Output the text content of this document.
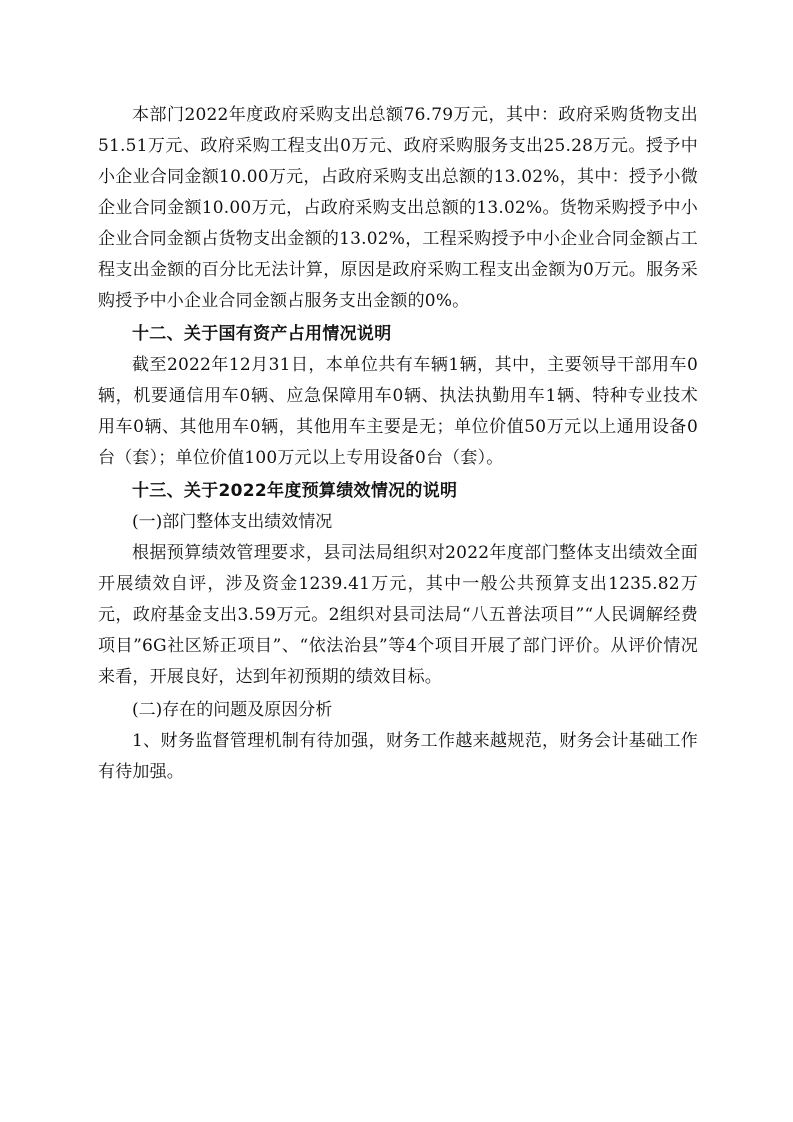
本部门2022年度政府采购支出总额76.79万元，其中：政府采购货物支出51.51万元、政府采购工程支出0万元、政府采购服务支出25.28万元。授予中小企业合同金额10.00万元，占政府采购支出总额的13.02%，其中：授予小微企业合同金额10.00万元，占政府采购支出总额的13.02%。货物采购授予中小企业合同金额占货物支出金额的13.02%，工程采购授予中小企业合同金额占工程支出金额的百分比无法计算，原因是政府采购工程支出金额为0万元。服务采购授予中小企业合同金额占服务支出金额的0%。

十二、关于国有资产占用情况说明

截至2022年12月31日，本单位共有车辆1辆，其中，主要领导干部用车0辆，机要通信用车0辆、应急保障用车0辆、执法执勤用车1辆、特种专业技术用车0辆、其他用车0辆，其他用车主要是无；单位价值50万元以上通用设备0台（套）；单位价值100万元以上专用设备0台（套）。

十三、关于2022年度预算绩效情况的说明

(一)部门整体支出绩效情况

根据预算绩效管理要求，县司法局组织对2022年度部门整体支出绩效全面开展绩效自评，涉及资金1239.41万元，其中一般公共预算支出1235.82万元，政府基金支出3.59万元。2组织对县司法局“八五普法项目”“人民调解经费项目”6G社区矫正项目”、“依法治县”等4个项目开展了部门评价。从评价情况来看，开展良好，达到年初预期的绩效目标。

(二)存在的问题及原因分析

1、财务监督管理机制有待加强，财务工作越来越规范，财务会计基础工作有待加强。
